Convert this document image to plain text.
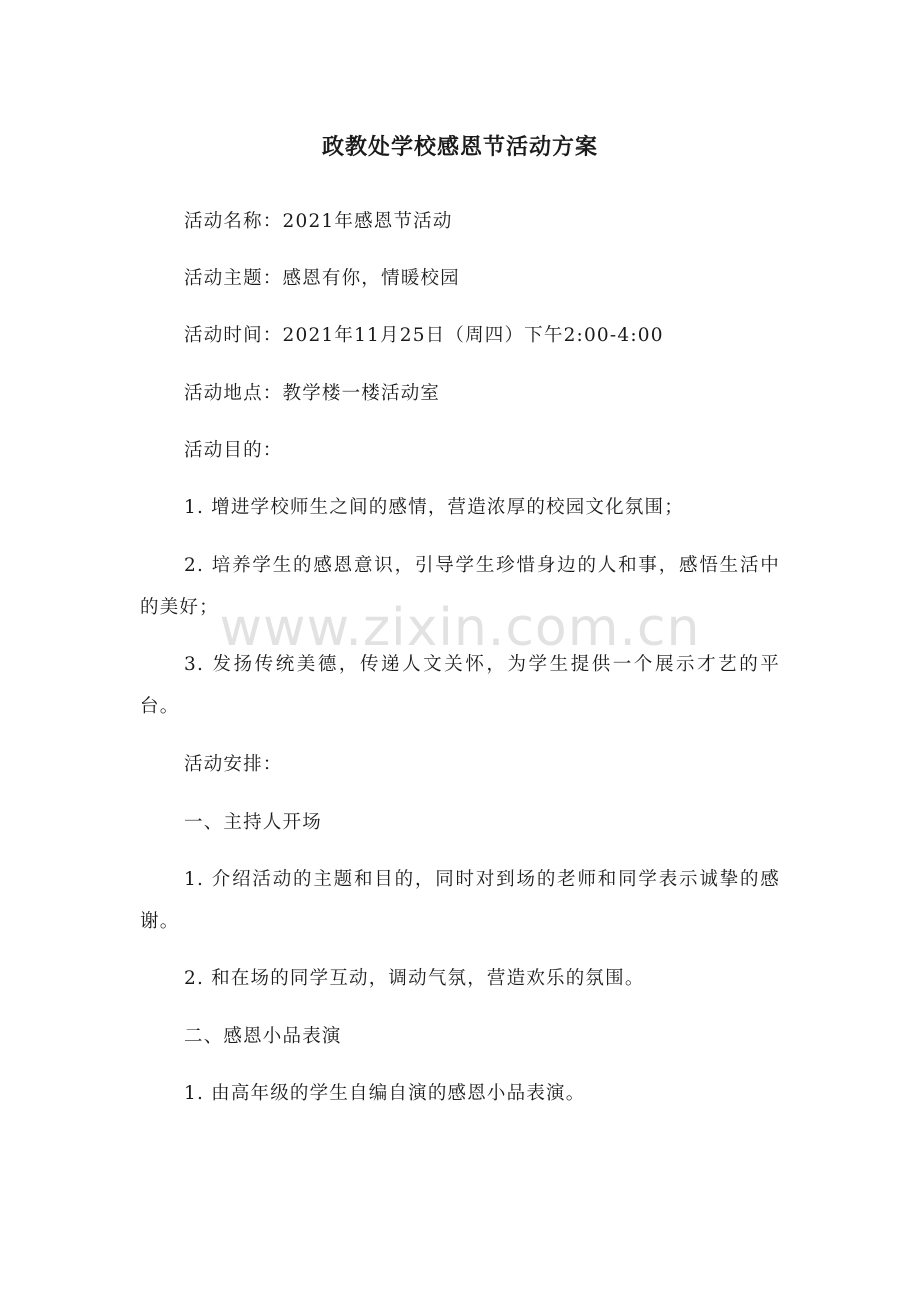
政教处学校感恩节活动方案
活动名称：2021年感恩节活动
活动主题：感恩有你，情暖校园
活动时间：2021年11月25日（周四）下午2:00-4:00
活动地点：教学楼一楼活动室
活动目的：
1. 增进学校师生之间的感情，营造浓厚的校园文化氛围；
2. 培养学生的感恩意识，引导学生珍惜身边的人和事，感悟生活中的美好；
3. 发扬传统美德，传递人文关怀，为学生提供一个展示才艺的平台。
活动安排：
一、主持人开场
1. 介绍活动的主题和目的，同时对到场的老师和同学表示诚挚的感谢。
2. 和在场的同学互动，调动气氛，营造欢乐的氛围。
二、感恩小品表演
1. 由高年级的学生自编自演的感恩小品表演。
www.zixin.com.cn
